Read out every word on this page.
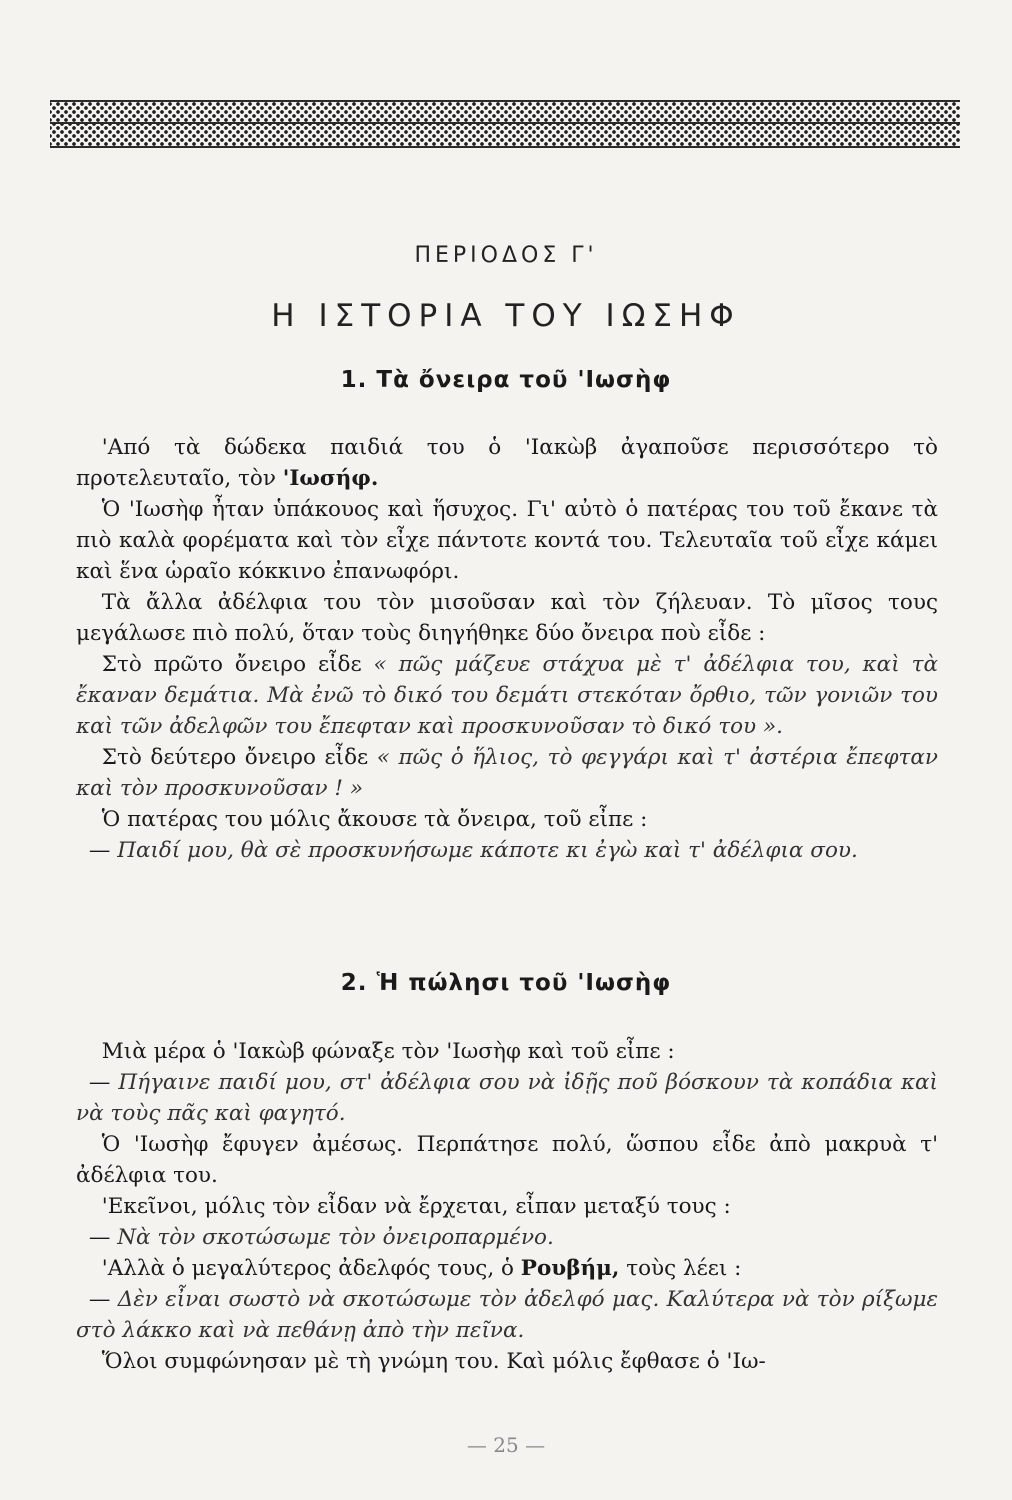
ΠΕΡΙΟΔΟΣ Γ'
Η ΙΣΤΟΡΙΑ ΤΟΥ ΙΩΣΗΦ
1. Τὰ ὄνειρα τοῦ 'Ιωσὴφ

'Από τὰ δώδεκα παιδιά του ὁ 'Ιακὼβ ἀγαποῦσε περισσότερο τὸ προτελευταῖο, τὸν 'Ιωσήφ.

Ὁ 'Ιωσὴφ ἦταν ὑπάκουος καὶ ἥσυχος. Γι' αὐτὸ ὁ πατέρας του τοῦ ἔκανε τὰ πιὸ καλὰ φορέματα καὶ τὸν εἶχε πάντοτε κοντά του. Τελευταῖα τοῦ εἶχε κάμει καὶ ἕνα ὡραῖο κόκκινο ἐπανωφόρι.

Τὰ ἄλλα ἀδέλφια του τὸν μισοῦσαν καὶ τὸν ζήλευαν. Τὸ μῖσος τους μεγάλωσε πιὸ πολύ, ὅταν τοὺς διηγήθηκε δύο ὄνειρα ποὺ εἶδε :

Στὸ πρῶτο ὄνειρο εἶδε « πῶς μάζευε στάχυα μὲ τ' ἀδέλφια του, καὶ τὰ ἔκαναν δεμάτια. Μὰ ἐνῶ τὸ δικό του δεμάτι στεκόταν ὄρθιο, τῶν γονιῶν του καὶ τῶν ἀδελφῶν του ἔπεφταν καὶ προσκυνοῦσαν τὸ δικό του ».

Στὸ δεύτερο ὄνειρο εἶδε « πῶς ὁ ἥλιος, τὸ φεγγάρι καὶ τ' ἀστέρια ἔπεφταν καὶ τὸν προσκυνοῦσαν ! »

Ὁ πατέρας του μόλις ἄκουσε τὰ ὄνειρα, τοῦ εἶπε :

— Παιδί μου, θὰ σὲ προσκυνήσωμε κάποτε κι ἐγὼ καὶ τ' ἀδέλφια σου.

2. Ἡ πώλησι τοῦ 'Ιωσὴφ

Μιὰ μέρα ὁ 'Ιακὼβ φώναξε τὸν 'Ιωσὴφ καὶ τοῦ εἶπε :

— Πήγαινε παιδί μου, στ' ἀδέλφια σου νὰ ἰδῇς ποῦ βόσκουν τὰ κοπάδια καὶ νὰ τοὺς πᾶς καὶ φαγητό.

Ὁ 'Ιωσὴφ ἔφυγεν ἀμέσως. Περπάτησε πολύ, ὥσπου εἶδε ἀπὸ μακρυὰ τ' ἀδέλφια του.

'Εκεῖνοι, μόλις τὸν εἶδαν νὰ ἔρχεται, εἶπαν μεταξύ τους :

— Νὰ τὸν σκοτώσωμε τὸν ὀνειροπαρμένο.

'Αλλὰ ὁ μεγαλύτερος ἀδελφός τους, ὁ Ρουβήμ, τοὺς λέει :

— Δὲν εἶναι σωστὸ νὰ σκοτώσωμε τὸν ἀδελφό μας. Καλύτερα νὰ τὸν ρίξωμε στὸ λάκκο καὶ νὰ πεθάνῃ ἀπὸ τὴν πεῖνα.

Ὅλοι συμφώνησαν μὲ τὴ γνώμη του. Καὶ μόλις ἔφθασε ὁ 'Ιω-

— 25 —
